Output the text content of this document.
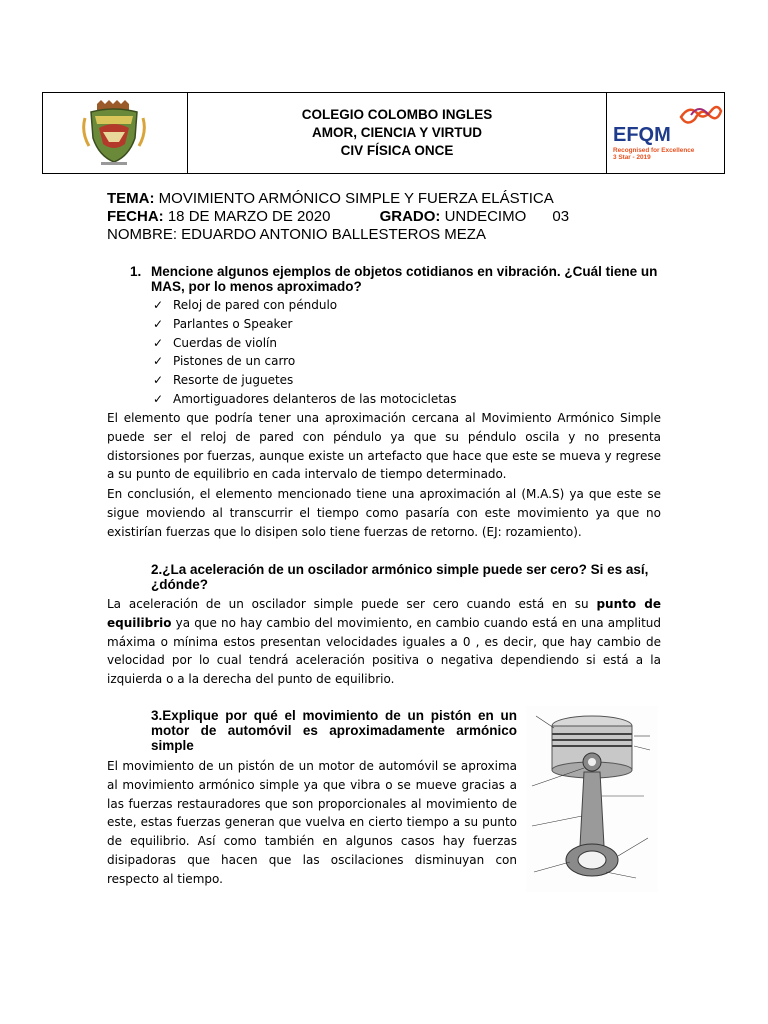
COLEGIO COLOMBO INGLES
AMOR, CIENCIA Y VIRTUD
CIV FÍSICA ONCE
EFQM
Recognised for Excellence
3 Star - 2019
TEMA: MOVIMIENTO ARMÓNICO SIMPLE Y FUERZA ELÁSTICA
FECHA: 18 DE MARZO DE 2020	GRADO: UNDECIMO 03
NOMBRE: EDUARDO ANTONIO BALLESTEROS MEZA
1. Mencione algunos ejemplos de objetos cotidianos en vibración. ¿Cuál tiene un MAS, por lo menos aproximado?
✓ Reloj de pared con péndulo
✓ Parlantes o Speaker
✓ Cuerdas de violín
✓ Pistones de un carro
✓ Resorte de juguetes
✓ Amortiguadores delanteros de las motocicletas

El elemento que podría tener una aproximación cercana al Movimiento Armónico Simple puede ser el reloj de pared con péndulo ya que su péndulo oscila y no presenta distorsiones por fuerzas, aunque existe un artefacto que hace que este se mueva y regrese a su punto de equilibrio en cada intervalo de tiempo determinado.

En conclusión, el elemento mencionado tiene una aproximación al (M.A.S) ya que este se sigue moviendo al transcurrir el tiempo como pasaría con este movimiento ya que no existirían fuerzas que lo disipen solo tiene fuerzas de retorno. (EJ: rozamiento).

2.¿La aceleración de un oscilador armónico simple puede ser cero? Si es así, ¿dónde?

La aceleración de un oscilador simple puede ser cero cuando está en su punto de equilibrio ya que no hay cambio del movimiento, en cambio cuando está en una amplitud máxima o mínima estos presentan velocidades iguales a 0 , es decir, que hay cambio de velocidad por lo cual tendrá aceleración positiva o negativa dependiendo si está a la izquierda o a la derecha del punto de equilibrio.

3.Explique por qué el movimiento de un pistón en un motor de automóvil es aproximadamente armónico simple

El movimiento de un pistón de un motor de automóvil se aproxima al movimiento armónico simple ya que vibra o se mueve gracias a las fuerzas restauradores que son proporcionales al movimiento de este, estas fuerzas generan que vuelva en cierto tiempo a su punto de equilibrio. Así como también en algunos casos hay fuerzas disipadoras que hacen que las oscilaciones disminuyan con respecto al tiempo.
